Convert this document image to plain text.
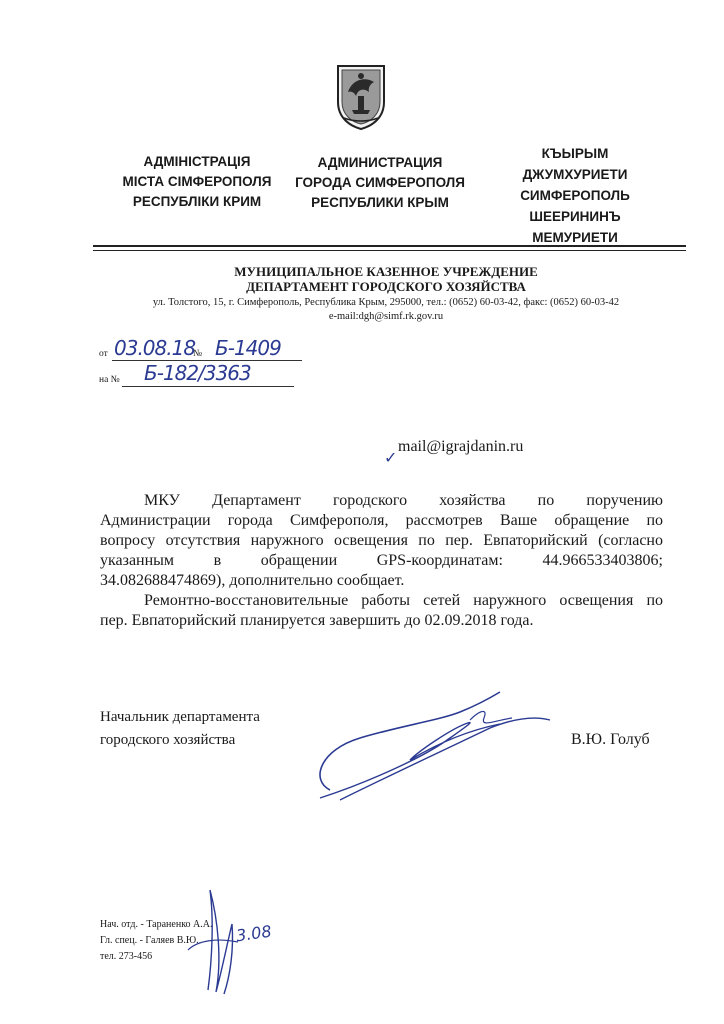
АДМІНІСТРАЦІЯ
МІСТА СІМФЕРОПОЛЯ
РЕСПУБЛІКИ КРИМ
АДМИНИСТРАЦИЯ
ГОРОДА СИМФЕРОПОЛЯ
РЕСПУБЛИКИ КРЫМ
КЪЫРЫМ
ДЖУМХУРИЕТИ
СИМФЕРОПОЛЬ
ШЕЕРИНИНЪ
МЕМУРИЕТИ
МУНИЦИПАЛЬНОЕ КАЗЕННОЕ УЧРЕЖДЕНИЕ
ДЕПАРТАМЕНТ ГОРОДСКОГО ХОЗЯЙСТВА
ул. Толстого, 15, г. Симферополь, Республика Крым, 295000, тел.: (0652) 60-03-42, факс: (0652) 60-03-42
e-mail:dgh@simf.rk.gov.ru
от 03.08.18
№ Б-1409
на № Б-182/3363
✓
mail@igrajdanin.ru
МКУ Департамент городского хозяйства по поручению
Администрации города Симферополя, рассмотрев Ваше обращение по
вопросу отсутствия наружного освещения по пер. Евпаторийский (согласно
указанным в обращении GPS-координатам: 44.966533403806;
34.082688474869), дополнительно сообщает.
Ремонтно-восстановительные работы сетей наружного освещения по
пер. Евпаторийский планируется завершить до 02.09.2018 года.
Начальник департамента
городского хозяйства	В.Ю. Голуб
Нач. отд. - Тараненко А.А.
Гл. спец. - Галяев В.Ю.
тел. 273-456
3.08
